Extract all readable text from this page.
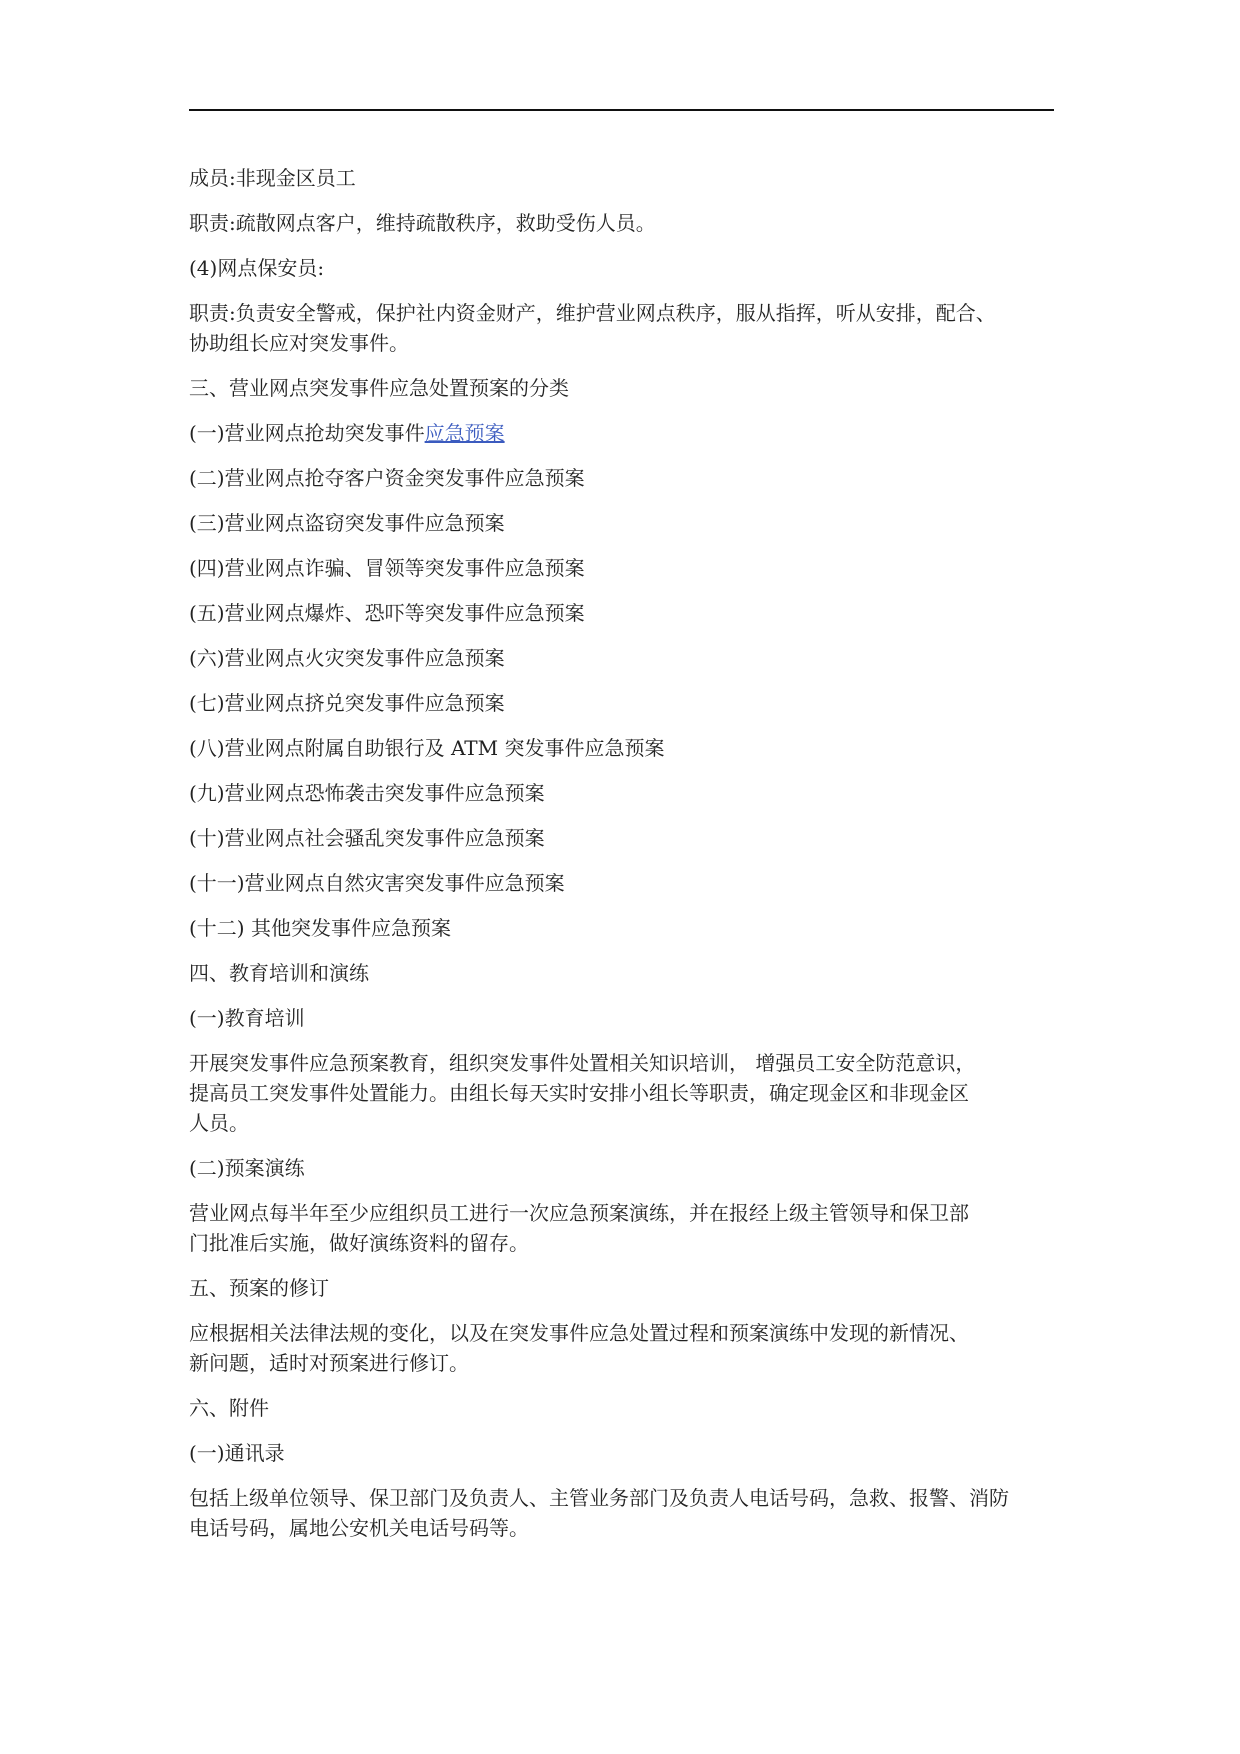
成员:非现金区员工

职责:疏散网点客户，维持疏散秩序，救助受伤人员。

(4)网点保安员:

职责:负责安全警戒，保护社内资金财产，维护营业网点秩序，服从指挥，听从安排，配合、
协助组长应对突发事件。

三、营业网点突发事件应急处置预案的分类

(一)营业网点抢劫突发事件应急预案

(二)营业网点抢夺客户资金突发事件应急预案

(三)营业网点盗窃突发事件应急预案

(四)营业网点诈骗、冒领等突发事件应急预案

(五)营业网点爆炸、恐吓等突发事件应急预案

(六)营业网点火灾突发事件应急预案

(七)营业网点挤兑突发事件应急预案

(八)营业网点附属自助银行及 ATM 突发事件应急预案

(九)营业网点恐怖袭击突发事件应急预案

(十)营业网点社会骚乱突发事件应急预案

(十一)营业网点自然灾害突发事件应急预案

(十二) 其他突发事件应急预案

四、教育培训和演练

(一)教育培训

开展突发事件应急预案教育，组织突发事件处置相关知识培训， 增强员工安全防范意识，
提高员工突发事件处置能力。由组长每天实时安排小组长等职责，确定现金区和非现金区
人员。

(二)预案演练

营业网点每半年至少应组织员工进行一次应急预案演练，并在报经上级主管领导和保卫部
门批准后实施，做好演练资料的留存。

五、预案的修订

应根据相关法律法规的变化，以及在突发事件应急处置过程和预案演练中发现的新情况、
新问题，适时对预案进行修订。

六、附件

(一)通讯录

包括上级单位领导、保卫部门及负责人、主管业务部门及负责人电话号码，急救、报警、消防
电话号码，属地公安机关电话号码等。
